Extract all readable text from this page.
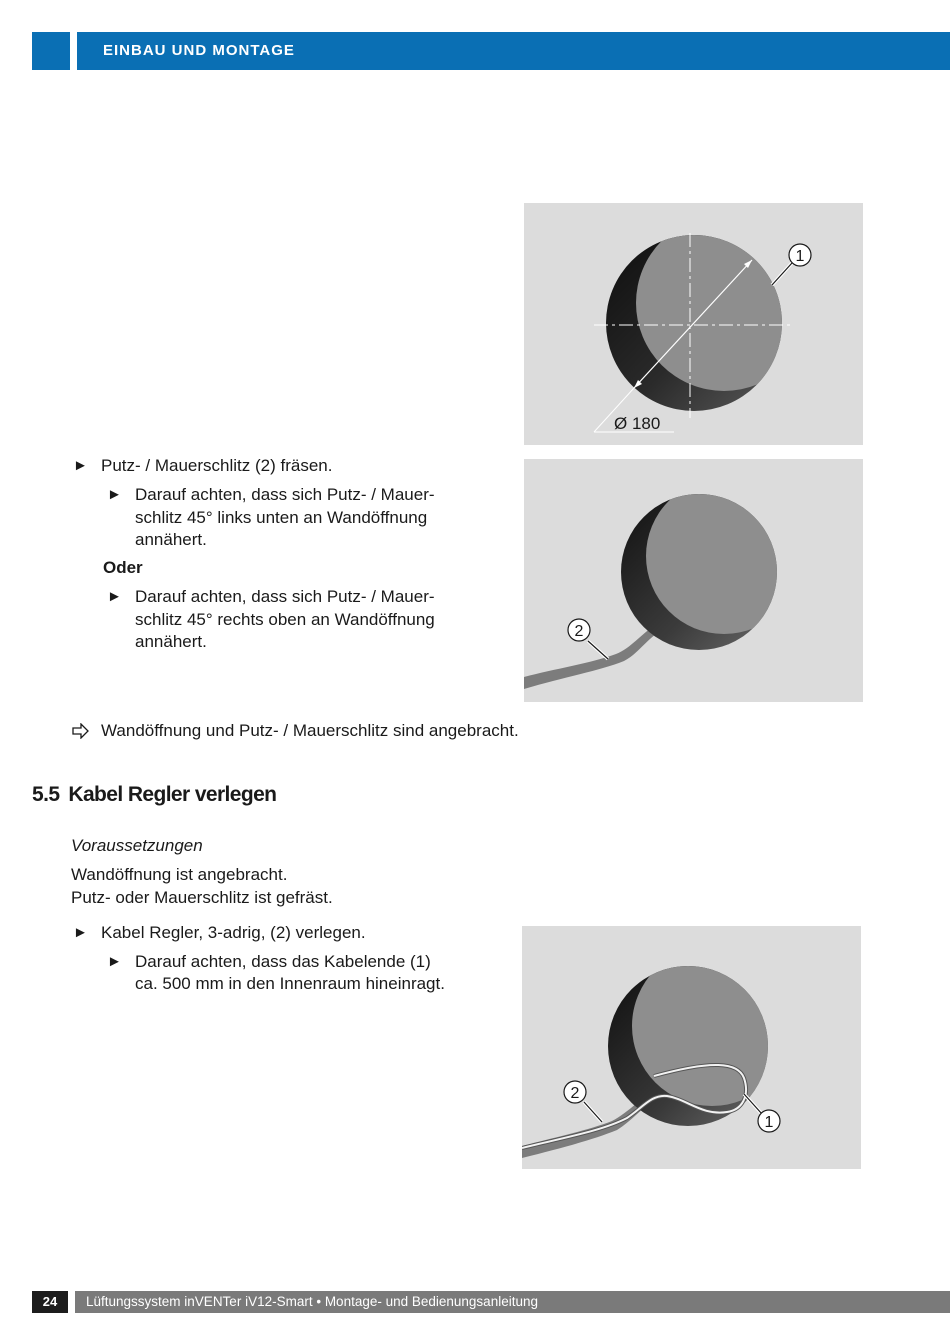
EINBAU UND MONTAGE
1
Ø 180
2
2
1
► Putz- / Mauerschlitz (2) fräsen.
► Darauf achten, dass sich Putz- / Mauer-
schlitz 45° links unten an Wandöffnung
annähert.
Oder
► Darauf achten, dass sich Putz- / Mauer-
schlitz 45° rechts oben an Wandöffnung
annähert.
Wandöffnung und Putz- / Mauerschlitz sind angebracht.
5.5 Kabel Regler verlegen
Voraussetzungen
Wandöffnung ist angebracht.
Putz- oder Mauerschlitz ist gefräst.
► Kabel Regler, 3-adrig, (2) verlegen.
► Darauf achten, dass das Kabelende (1)
ca. 500 mm in den Innenraum hineinragt.
24	Lüftungssystem inVENTer iV12-Smart • Montage- und Bedienungsanleitung
